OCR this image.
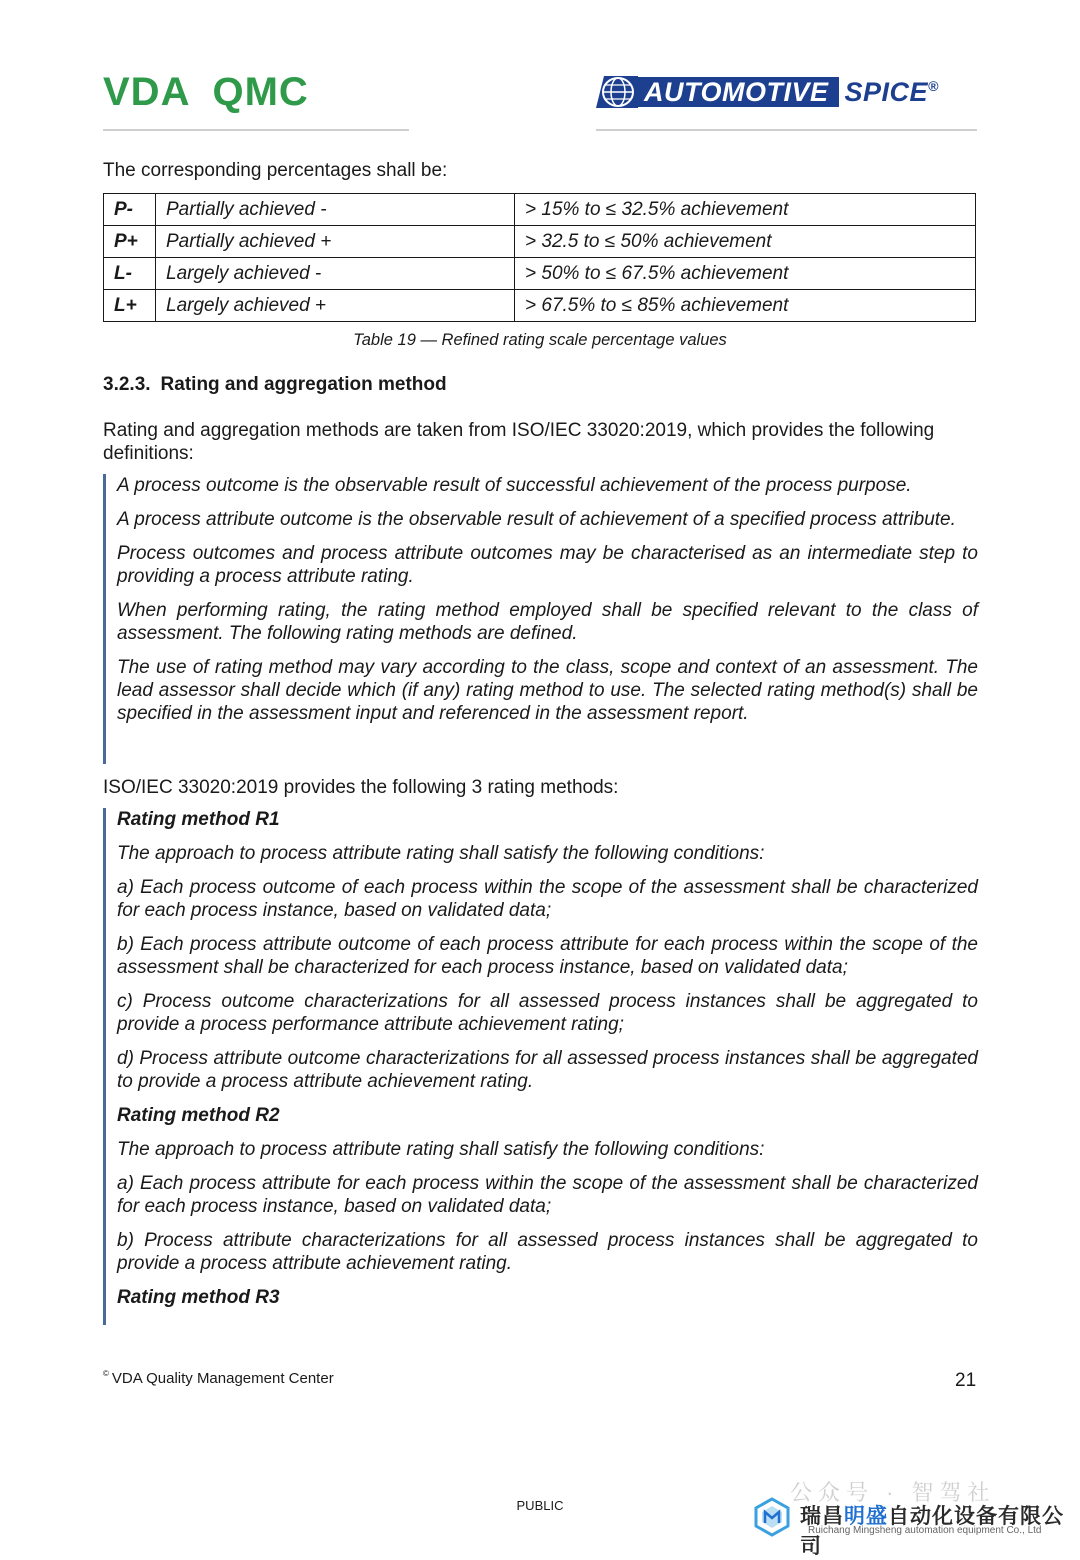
VDA QMC	AUTOMOTIVE SPICE®
The corresponding percentages shall be:
P-	Partially achieved -	> 15% to ≤ 32.5% achievement
P+	Partially achieved +	> 32.5 to ≤ 50% achievement
L-	Largely achieved -	> 50% to ≤ 67.5% achievement
L+	Largely achieved +	> 67.5% to ≤ 85% achievement
Table 19 — Refined rating scale percentage values
3.2.3. Rating and aggregation method
Rating and aggregation methods are taken from ISO/IEC 33020:2019, which provides the following definitions:

A process outcome is the observable result of successful achievement of the process purpose.

A process attribute outcome is the observable result of achievement of a specified process attribute.

Process outcomes and process attribute outcomes may be characterised as an intermediate step to providing a process attribute rating.

When performing rating, the rating method employed shall be specified relevant to the class of assessment. The following rating methods are defined.

The use of rating method may vary according to the class, scope and context of an assessment. The lead assessor shall decide which (if any) rating method to use. The selected rating method(s) shall be specified in the assessment input and referenced in the assessment report.

ISO/IEC 33020:2019 provides the following 3 rating methods:

Rating method R1

The approach to process attribute rating shall satisfy the following conditions:

a) Each process outcome of each process within the scope of the assessment shall be characterized for each process instance, based on validated data;

b) Each process attribute outcome of each process attribute for each process within the scope of the assessment shall be characterized for each process instance, based on validated data;

c) Process outcome characterizations for all assessed process instances shall be aggregated to provide a process performance attribute achievement rating;

d) Process attribute outcome characterizations for all assessed process instances shall be aggregated to provide a process attribute achievement rating.

Rating method R2

The approach to process attribute rating shall satisfy the following conditions:

a) Each process attribute for each process within the scope of the assessment shall be characterized for each process instance, based on validated data;

b) Process attribute characterizations for all assessed process instances shall be aggregated to provide a process attribute achievement rating.

Rating method R3

© VDA Quality Management Center	21
PUBLIC
公众号 · 智驾社
瑞昌明盛自动化设备有限公司
Ruichang Mingsheng automation equipment Co., Ltd
